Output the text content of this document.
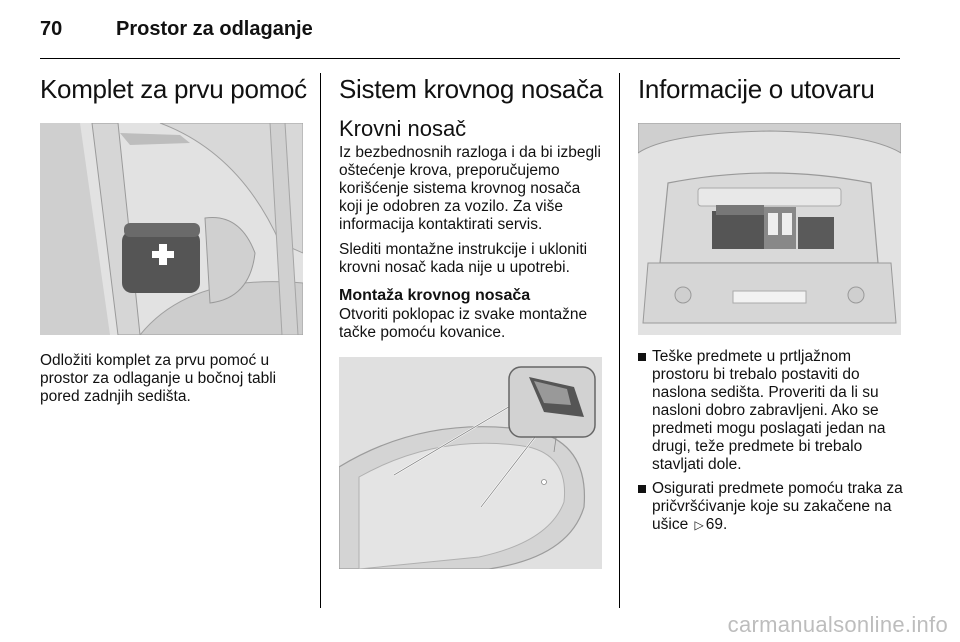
70	Prostor za odlaganje
Komplet za prvu pomoć
Odložiti komplet za prvu pomoć u prostor za odlaganje u bočnoj tabli pored zadnjih sedišta.
Sistem krovnog nosača
Krovni nosač
Iz bezbednosnih razloga i da bi izbegli oštećenje krova, preporučujemo korišćenje sistema krovnog nosača koji je odobren za vozilo. Za više informacija kontaktirati servis.
Slediti montažne instrukcije i ukloniti krovni nosač kada nije u upotrebi.
Montaža krovnog nosača
Otvoriti poklopac iz svake montažne tačke pomoću kovanice.
Informacije o utovaru
Teške predmete u prtljažnom prostoru bi trebalo postaviti do naslona sedišta. Proveriti da li su nasloni dobro zabravljeni. Ako se predmeti mogu poslagati jedan na drugi, teže predmete bi trebalo stavljati dole.
Osigurati predmete pomoću traka za pričvršćivanje koje su zakačene na ušice ▷ 69.
carmanualsonline.info
